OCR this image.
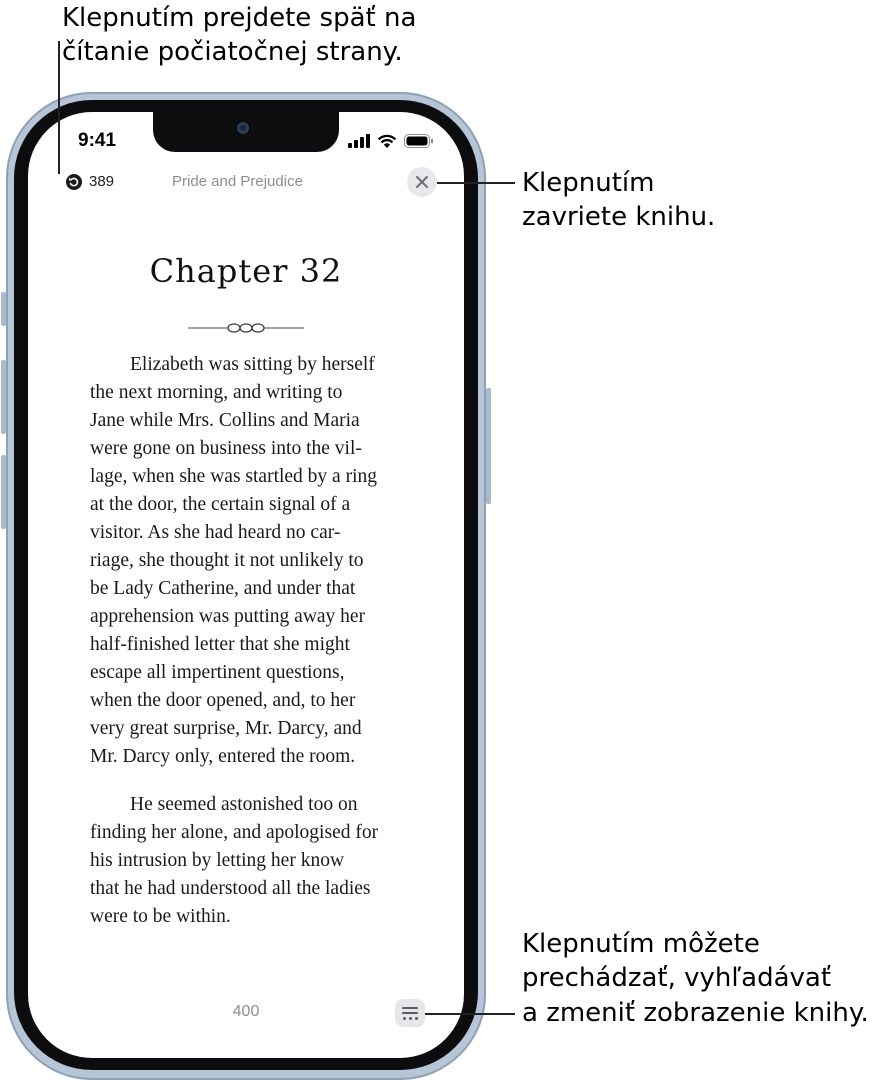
Klepnutím prejdete späť na
čítanie počiatočnej strany.
Klepnutím
zavriete knihu.
Klepnutím môžete
prechádzať, vyhľadávať
a zmeniť zobrazenie knihy.
9:41
389	Pride and Prejudice
Chapter 32
Elizabeth was sitting by herself
the next morning, and writing to
Jane while Mrs. Collins and Maria
were gone on business into the vil-
lage, when she was startled by a ring
at the door, the certain signal of a
visitor. As she had heard no car-
riage, she thought it not unlikely to
be Lady Catherine, and under that
apprehension was putting away her
half-finished letter that she might
escape all impertinent questions,
when the door opened, and, to her
very great surprise, Mr. Darcy, and
Mr. Darcy only, entered the room.
He seemed astonished too on
finding her alone, and apologised for
his intrusion by letting her know
that he had understood all the ladies
were to be within.
400
